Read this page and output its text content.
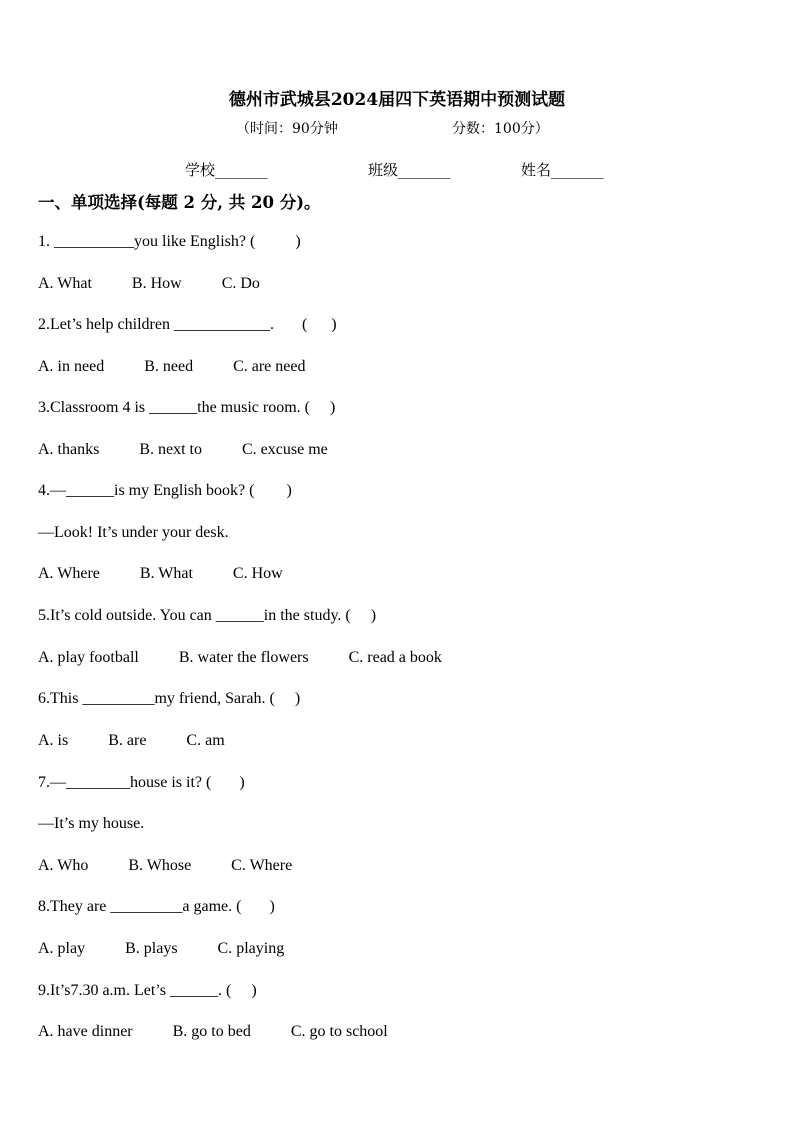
德州市武城县2024届四下英语期中预测试题
（时间：90分钟	分数：100分）
学校_______	班级_______	姓名_______
一、单项选择(每题 2 分, 共 20 分)。
1. __________you like English? (          )
A. What          B. How          C. Do
2.Let’s help children ____________.       (      )
A. in need          B. need          C. are need
3.Classroom 4 is ______the music room. (     )
A. thanks          B. next to          C. excuse me
4.—______is my English book? (        )
—Look! It’s under your desk.
A. Where          B. What          C. How
5.It’s cold outside. You can ______in the study. (     )
A. play football          B. water the flowers          C. read a book
6.This _________my friend, Sarah. (     )
A. is          B. are          C. am
7.—________house is it? (       )
—It’s my house.
A. Who          B. Whose          C. Where
8.They are _________a game. (       )
A. play          B. plays          C. playing
9.It’s7.30 a.m. Let’s ______. (     )
A. have dinner          B. go to bed          C. go to school
